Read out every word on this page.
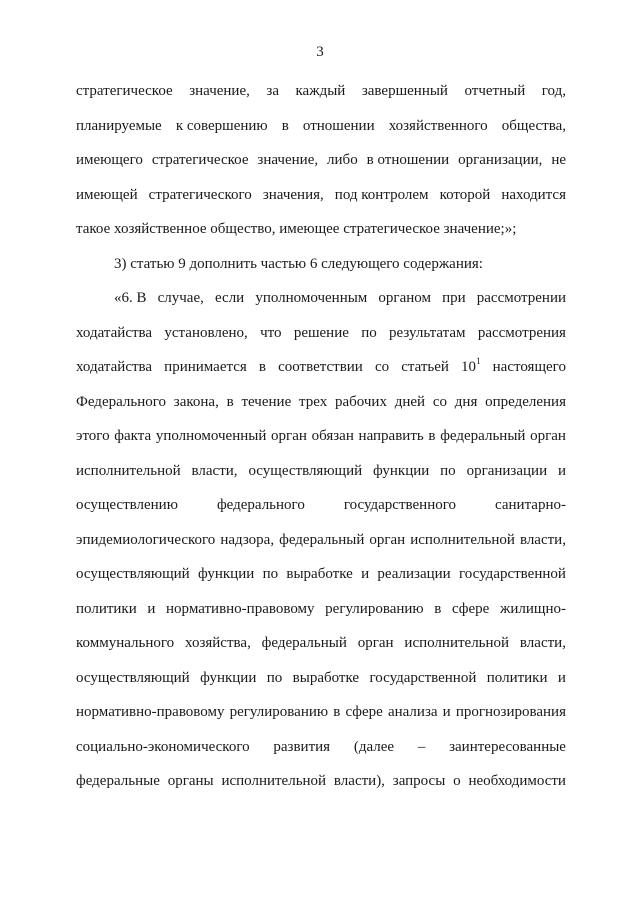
3
стратегическое значение, за каждый завершенный отчетный год,
планируемые к совершению в отношении хозяйственного общества,
имеющего стратегическое значение, либо в отношении организации, не
имеющей стратегического значения, под контролем которой находится
такое хозяйственное общество, имеющее стратегическое значение;»;
3) статью 9 дополнить частью 6 следующего содержания:
«6. В случае, если уполномоченным органом при рассмотрении
ходатайства установлено, что решение по результатам рассмотрения
ходатайства принимается в соответствии со статьей $10^1$ настоящего
Федерального закона, в течение трех рабочих дней со дня определения
этого факта уполномоченный орган обязан направить в федеральный орган
исполнительной власти, осуществляющий функции по организации и
осуществлению	федерального	государственного	санитарно-
эпидемиологического надзора, федеральный орган исполнительной власти,
осуществляющий функции по выработке и реализации государственной
политики и нормативно-правовому регулированию в сфере жилищно-
коммунального хозяйства, федеральный орган исполнительной власти,
осуществляющий функции по выработке государственной политики и
нормативно-правовому регулированию в сфере анализа и прогнозирования
социально-экономического развития (далее – заинтересованные
федеральные органы исполнительной власти), запросы о необходимости
